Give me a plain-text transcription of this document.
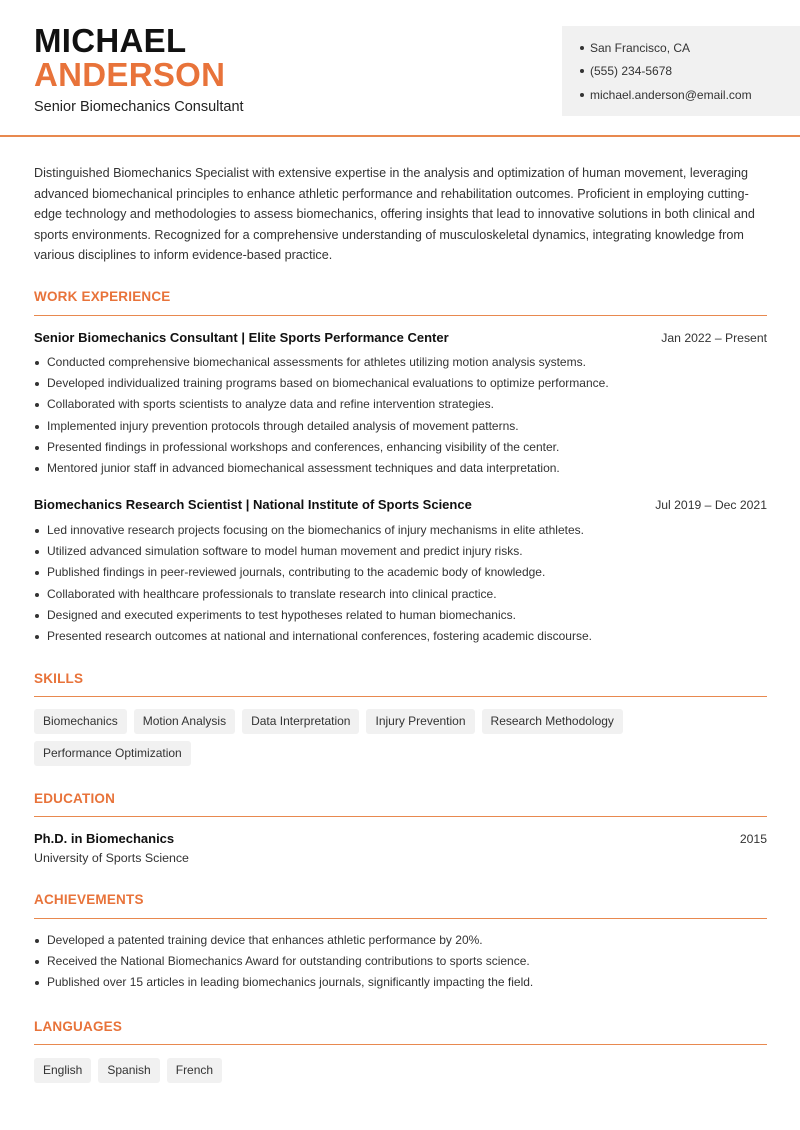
MICHAEL
ANDERSON
Senior Biomechanics Consultant
San Francisco, CA
(555) 234-5678
michael.anderson@email.com

Distinguished Biomechanics Specialist with extensive expertise in the analysis and optimization of human movement, leveraging advanced biomechanical principles to enhance athletic performance and rehabilitation outcomes. Proficient in employing cutting-edge technology and methodologies to assess biomechanics, offering insights that lead to innovative solutions in both clinical and sports environments. Recognized for a comprehensive understanding of musculoskeletal dynamics, integrating knowledge from various disciplines to inform evidence-based practice.

WORK EXPERIENCE
Senior Biomechanics Consultant | Elite Sports Performance Center	Jan 2022 – Present
Conducted comprehensive biomechanical assessments for athletes utilizing motion analysis systems.
Developed individualized training programs based on biomechanical evaluations to optimize performance.
Collaborated with sports scientists to analyze data and refine intervention strategies.
Implemented injury prevention protocols through detailed analysis of movement patterns.
Presented findings in professional workshops and conferences, enhancing visibility of the center.
Mentored junior staff in advanced biomechanical assessment techniques and data interpretation.
Biomechanics Research Scientist | National Institute of Sports Science	Jul 2019 – Dec 2021
Led innovative research projects focusing on the biomechanics of injury mechanisms in elite athletes.
Utilized advanced simulation software to model human movement and predict injury risks.
Published findings in peer-reviewed journals, contributing to the academic body of knowledge.
Collaborated with healthcare professionals to translate research into clinical practice.
Designed and executed experiments to test hypotheses related to human biomechanics.
Presented research outcomes at national and international conferences, fostering academic discourse.
SKILLS
Biomechanics	Motion Analysis	Data Interpretation	Injury Prevention	Research Methodology
Performance Optimization
EDUCATION
Ph.D. in Biomechanics	2015
University of Sports Science
ACHIEVEMENTS
Developed a patented training device that enhances athletic performance by 20%.
Received the National Biomechanics Award for outstanding contributions to sports science.
Published over 15 articles in leading biomechanics journals, significantly impacting the field.
LANGUAGES
English	Spanish	French
